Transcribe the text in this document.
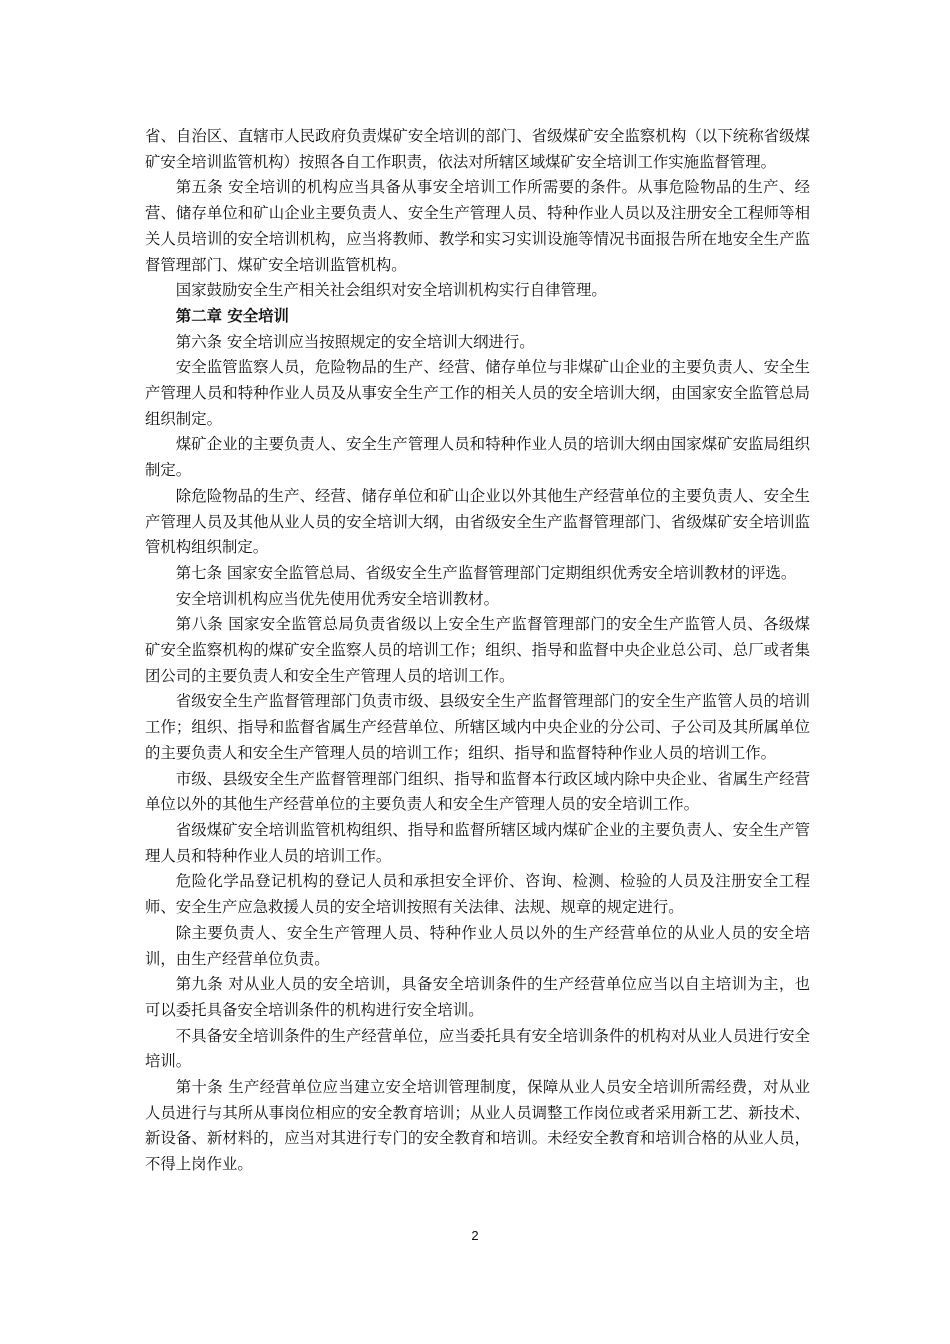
省、自治区、直辖市人民政府负责煤矿安全培训的部门、省级煤矿安全监察机构（以下统称省级煤矿安全培训监管机构）按照各自工作职责，依法对所辖区域煤矿安全培训工作实施监督管理。

第五条 安全培训的机构应当具备从事安全培训工作所需要的条件。从事危险物品的生产、经营、储存单位和矿山企业主要负责人、安全生产管理人员、特种作业人员以及注册安全工程师等相关人员培训的安全培训机构，应当将教师、教学和实习实训设施等情况书面报告所在地安全生产监督管理部门、煤矿安全培训监管机构。

国家鼓励安全生产相关社会组织对安全培训机构实行自律管理。

第二章 安全培训

第六条 安全培训应当按照规定的安全培训大纲进行。

安全监管监察人员，危险物品的生产、经营、储存单位与非煤矿山企业的主要负责人、安全生产管理人员和特种作业人员及从事安全生产工作的相关人员的安全培训大纲，由国家安全监管总局组织制定。

煤矿企业的主要负责人、安全生产管理人员和特种作业人员的培训大纲由国家煤矿安监局组织制定。

除危险物品的生产、经营、储存单位和矿山企业以外其他生产经营单位的主要负责人、安全生产管理人员及其他从业人员的安全培训大纲，由省级安全生产监督管理部门、省级煤矿安全培训监管机构组织制定。

第七条 国家安全监管总局、省级安全生产监督管理部门定期组织优秀安全培训教材的评选。

安全培训机构应当优先使用优秀安全培训教材。

第八条 国家安全监管总局负责省级以上安全生产监督管理部门的安全生产监管人员、各级煤矿安全监察机构的煤矿安全监察人员的培训工作；组织、指导和监督中央企业总公司、总厂或者集团公司的主要负责人和安全生产管理人员的培训工作。

省级安全生产监督管理部门负责市级、县级安全生产监督管理部门的安全生产监管人员的培训工作；组织、指导和监督省属生产经营单位、所辖区域内中央企业的分公司、子公司及其所属单位的主要负责人和安全生产管理人员的培训工作；组织、指导和监督特种作业人员的培训工作。

市级、县级安全生产监督管理部门组织、指导和监督本行政区域内除中央企业、省属生产经营单位以外的其他生产经营单位的主要负责人和安全生产管理人员的安全培训工作。

省级煤矿安全培训监管机构组织、指导和监督所辖区域内煤矿企业的主要负责人、安全生产管理人员和特种作业人员的培训工作。

危险化学品登记机构的登记人员和承担安全评价、咨询、检测、检验的人员及注册安全工程师、安全生产应急救援人员的安全培训按照有关法律、法规、规章的规定进行。

除主要负责人、安全生产管理人员、特种作业人员以外的生产经营单位的从业人员的安全培训，由生产经营单位负责。

第九条 对从业人员的安全培训，具备安全培训条件的生产经营单位应当以自主培训为主，也可以委托具备安全培训条件的机构进行安全培训。

不具备安全培训条件的生产经营单位，应当委托具有安全培训条件的机构对从业人员进行安全培训。

第十条 生产经营单位应当建立安全培训管理制度，保障从业人员安全培训所需经费，对从业人员进行与其所从事岗位相应的安全教育培训；从业人员调整工作岗位或者采用新工艺、新技术、新设备、新材料的，应当对其进行专门的安全教育和培训。未经安全教育和培训合格的从业人员，不得上岗作业。

2
